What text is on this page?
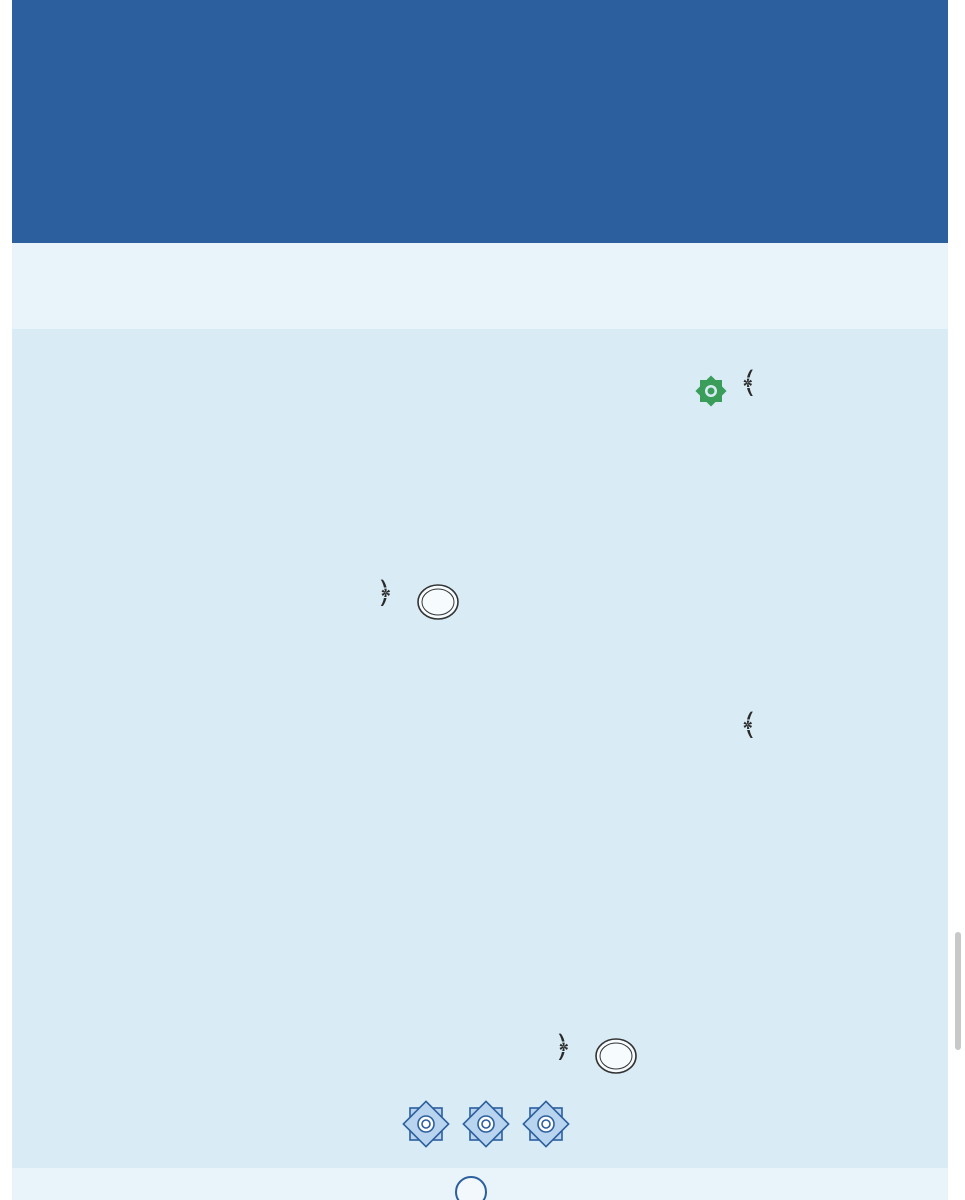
﴾
﴿
﴾
﴿
